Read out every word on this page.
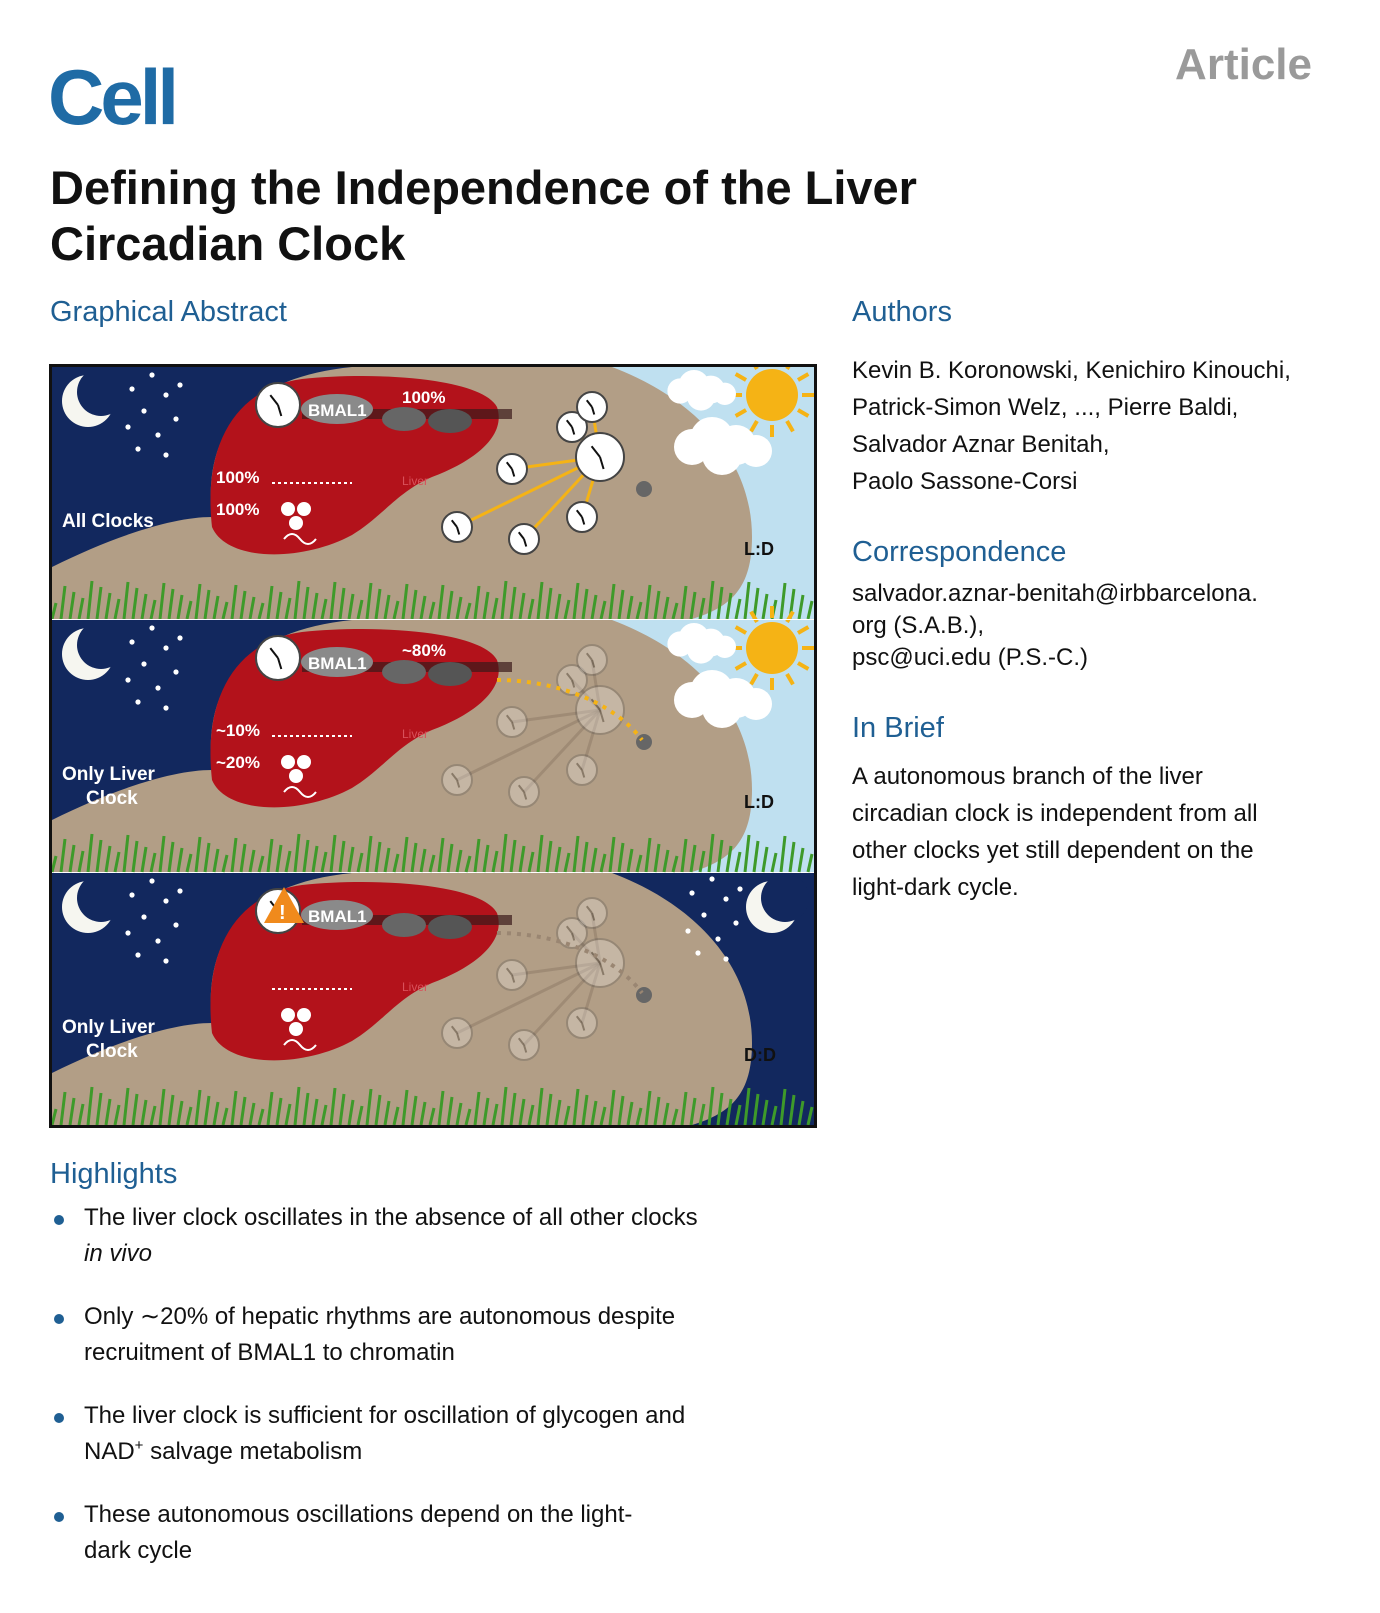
Cell	Article
Defining the Independence of the Liver
Circadian Clock
Graphical Abstract
Liver
BMAL1
100%
100%
100%
L:D
All Clocks
Liver
BMAL1
~80%
~10%
~20%
L:D
Only Liver
Clock
Liver
BMAL1
!
D:D
Only Liver
Clock
Authors
Kevin B. Koronowski, Kenichiro Kinouchi,
Patrick-Simon Welz, ..., Pierre Baldi,
Salvador Aznar Benitah,
Paolo Sassone-Corsi
Correspondence
salvador.aznar-benitah@irbbarcelona.
org (S.A.B.),
psc@uci.edu (P.S.-C.)
In Brief
A autonomous branch of the liver
circadian clock is independent from all
other clocks yet still dependent on the
light-dark cycle.
Highlights
The liver clock oscillates in the absence of all other clocks
in vivo
Only ∼20% of hepatic rhythms are autonomous despite
recruitment of BMAL1 to chromatin
The liver clock is sufficient for oscillation of glycogen and
NAD+ salvage metabolism
These autonomous oscillations depend on the light-
dark cycle
